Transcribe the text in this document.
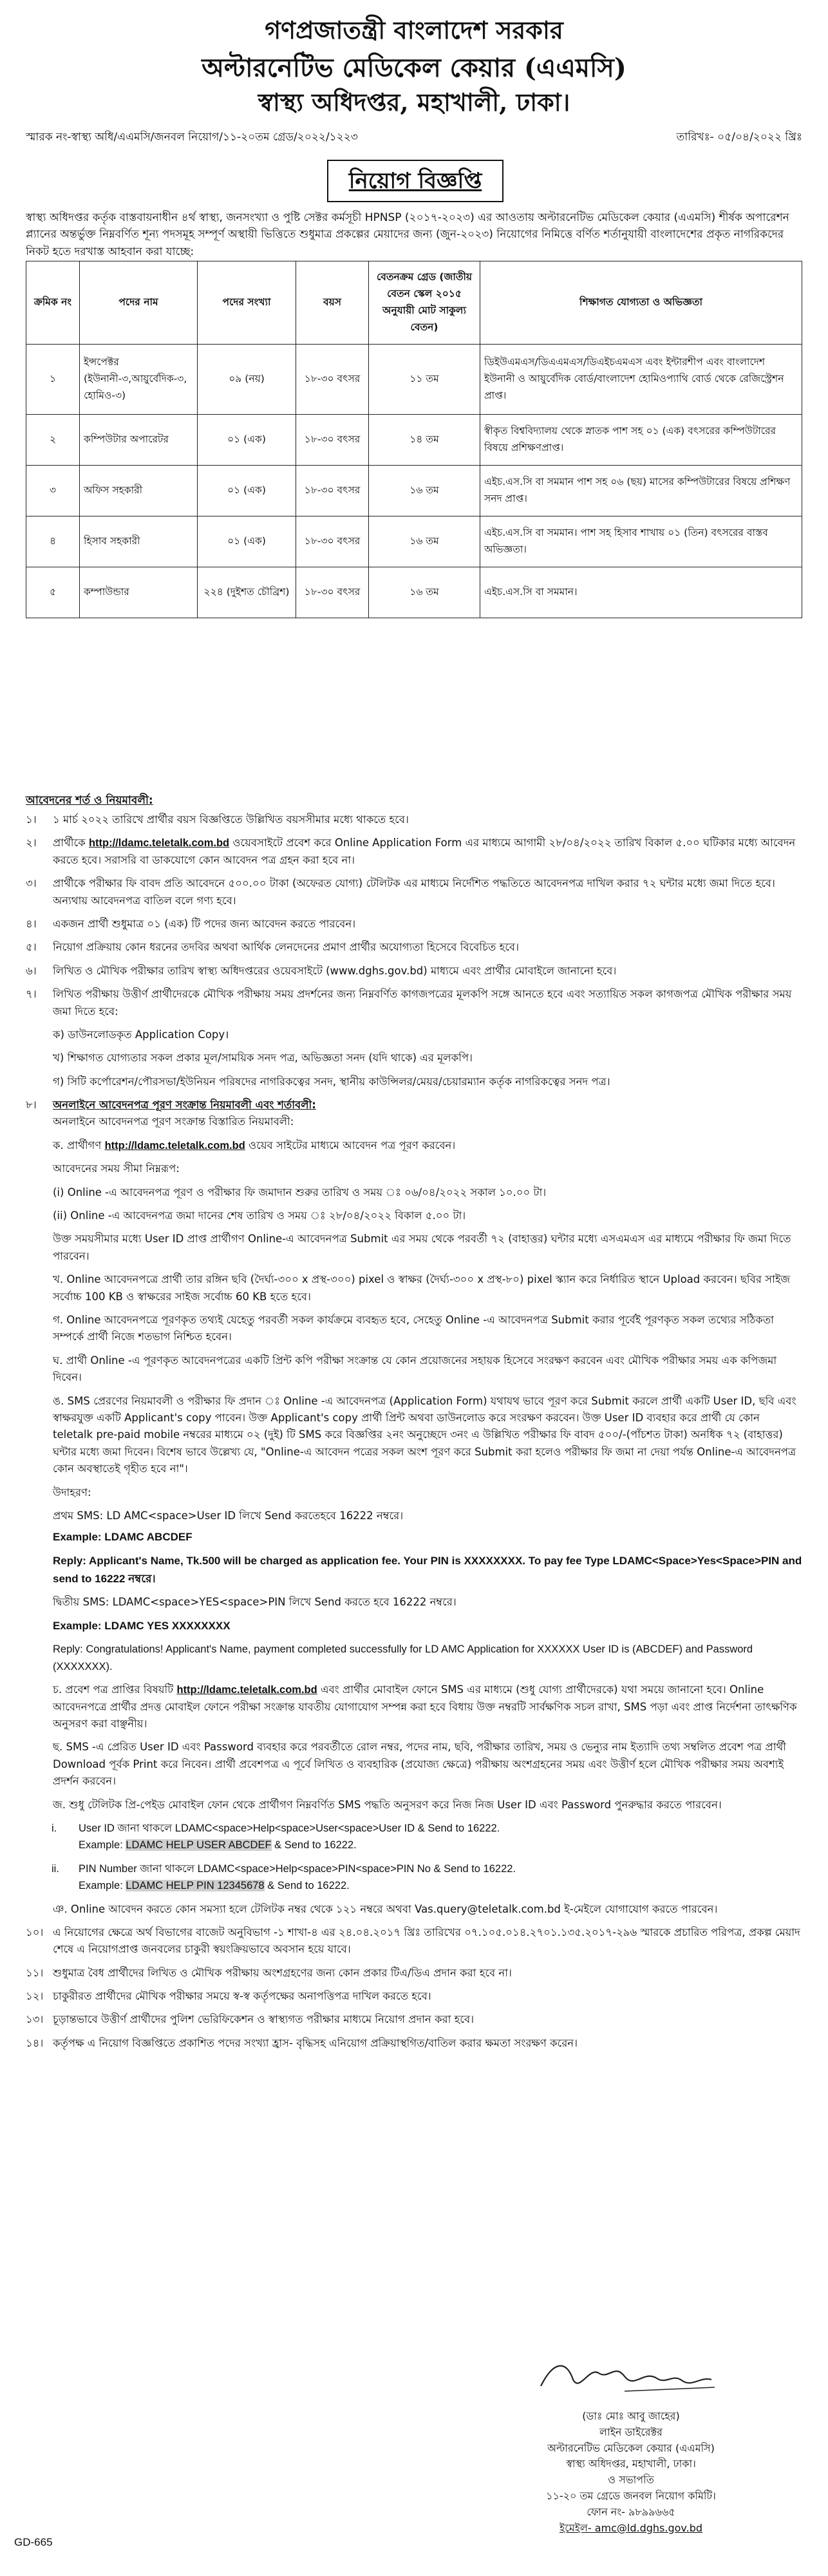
গণপ্রজাতন্ত্রী বাংলাদেশ সরকার
অল্টারনেটিভ মেডিকেল কেয়ার (এএমসি)
স্বাস্থ্য অধিদপ্তর, মহাখালী, ঢাকা।
স্মারক নং-স্বাস্থ্য অধি/এএমসি/জনবল নিয়োগ/১১-২০তম গ্রেড/২০২২/১২২৩	তারিখঃ- ০৫/০৪/২০২২ খ্রিঃ
নিয়োগ বিজ্ঞপ্তি
স্বাস্থ্য অধিদপ্তর কর্তৃক বাস্তবায়নাধীন ৪র্থ স্বাস্থ্য, জনসংখ্যা ও পুষ্টি সেক্টর কর্মসূচী HPNSP (২০১৭-২০২৩) এর আওতায় অল্টারনেটিভ মেডিকেল কেয়ার (এএমসি) শীর্ষক অপারেশন প্ল্যানের অন্তর্ভুক্ত নিম্নবর্ণিত শূন্য পদসমূহ সম্পূর্ণ অস্থায়ী ভিত্তিতে শুধুমাত্র প্রকল্পের মেয়াদের জন্য (জুন-২০২৩) নিয়োগের নিমিত্তে বর্ণিত শর্তানুযায়ী বাংলাদেশের প্রকৃত নাগরিকদের নিকট হতে দরখাস্ত আহবান করা যাচ্ছে:
ক্রমিক নং	পদের নাম	পদের সংখ্যা	বয়স	বেতনক্রম গ্রেড (জাতীয় বেতন স্কেল ২০১৫ অনুযায়ী মোট সাকুল্য বেতন)	শিক্ষাগত যোগ্যতা ও অভিজ্ঞতা
১	ইন্সপেক্টর (ইউনানী-৩,আয়ুর্বেদিক-৩, হোমিও-৩)	০৯ (নয়)	১৮-৩০ বৎসর	১১ তম	ডিইউএমএস/ডিএএমএস/ডিএইচএমএস এবং ইন্টারশীপ এবং বাংলাদেশ ইউনানী ও আয়ুর্বেদিক বোর্ড/বাংলাদেশ হোমিওপ্যাথি বোর্ড থেকে রেজিস্ট্রেশন প্রাপ্ত।
২	কম্পিউটার অপারেটর	০১ (এক)	১৮-৩০ বৎসর	১৪ তম	স্বীকৃত বিশ্ববিদ্যালয় থেকে স্নাতক পাশ সহ ০১ (এক) বৎসরের কম্পিউটারের বিষয়ে প্রশিক্ষণপ্রাপ্ত।
৩	অফিস সহকারী	০১ (এক)	১৮-৩০ বৎসর	১৬ তম	এইচ.এস.সি বা সমমান পাশ সহ ০৬ (ছয়) মাসের কম্পিউটারের বিষয়ে প্রশিক্ষণ সনদ প্রাপ্ত।
৪	হিসাব সহকারী	০১ (এক)	১৮-৩০ বৎসর	১৬ তম	এইচ.এস.সি বা সমমান। পাশ সহ হিসাব শাখায় ০১ (তিন) বৎসরের বাস্তব অভিজ্ঞতা।
৫	কম্পাউন্ডার	২২৪ (দুইশত চৌব্রিশ)	১৮-৩০ বৎসর	১৬ তম	এইচ.এস.সি বা সমমান।
আবেদনের শর্ত ও নিয়মাবলী:
১।	১ মার্চ ২০২২ তারিখে প্রার্থীর বয়স বিজ্ঞপ্তিতে উল্লিখিত বয়সসীমার মধ্যে থাকতে হবে।
২।	প্রার্থীকে http://ldamc.teletalk.com.bd ওয়েবসাইটে প্রবেশ করে Online Application Form এর মাধ্যমে আগামী ২৮/০৪/২০২২ তারিখ বিকাল ৫.০০ ঘটিকার মধ্যে আবেদন করতে হবে। সরাসরি বা ডাকযোগে কোন আবেদন পত্র গ্রহন করা হবে না।
৩।	প্রার্থীকে পরীক্ষার ফি বাবদ প্রতি আবেদনে ৫০০.০০ টাকা (অফেরত যোগ্য) টেলিটক এর মাধ্যমে নির্দেশিত পদ্ধতিতে আবেদনপত্র দাখিল করার ৭২ ঘন্টার মধ্যে জমা দিতে হবে। অন্যথায় আবেদনপত্র বাতিল বলে গণ্য হবে।
৪।	একজন প্রার্থী শুধুমাত্র ০১ (এক) টি পদের জন্য আবেদন করতে পারবেন।
৫।	নিয়োগ প্রক্রিয়ায় কোন ধরনের তদবির অথবা আর্থিক লেনদেনের প্রমাণ প্রার্থীর অযোগ্যতা হিসেবে বিবেচিত হবে।
৬।	লিখিত ও মৌখিক পরীক্ষার তারিখ স্বাস্থ্য অধিদপ্তরের ওয়েবসাইটে (www.dghs.gov.bd) মাধ্যমে এবং প্রার্থীর মোবাইলে জানানো হবে।
৭।	লিখিত পরীক্ষায় উত্তীর্ণ প্রার্থীদেরকে মৌখিক পরীক্ষায় সময় প্রদর্শনের জন্য নিম্নবর্ণিত কাগজপত্রের মূলকপি সঙ্গে আনতে হবে এবং সত্যায়িত সকল কাগজপত্র মৌখিক পরীক্ষার সময় জমা দিতে হবে:
ক) ডাউনলোডকৃত Application Copy।
খ) শিক্ষাগত যোগ্যতার সকল প্রকার মূল/সাময়িক সনদ পত্র, অভিজ্ঞতা সনদ (যদি থাকে) এর মূলকপি।
গ) সিটি কর্পোরেশন/পৌরসভা/ইউনিয়ন পরিষদের নাগরিকত্বের সনদ, স্থানীয় কাউন্সিলর/মেয়র/চেয়ারম্যান কর্তৃক নাগরিকত্বের সনদ পত্র।
৮।	অনলাইনে আবেদনপত্র পূরণ সংক্রান্ত নিয়মাবলী এবং শর্তাবলী:
অনলাইনে আবেদনপত্র পূরণ সংক্রান্ত বিস্তারিত নিয়মাবলী:
ক. প্রার্থীগণ http://ldamc.teletalk.com.bd ওয়েব সাইটের মাধ্যমে আবেদন পত্র পূরণ করবেন।
আবেদনের সময় সীমা নিম্নরূপ:
(i) Online -এ আবেদনপত্র পূরণ ও পরীক্ষার ফি জমাদান শুরুর তারিখ ও সময় ঃ ০৬/০৪/২০২২ সকাল ১০.০০ টা।
(ii) Online -এ আবেদনপত্র জমা দানের শেষ তারিখ ও সময় ঃ ২৮/০৪/২০২২ বিকাল ৫.০০ টা।
উক্ত সময়সীমার মধ্যে User ID প্রাপ্ত প্রার্থীগণ Online-এ আবেদনপত্র Submit এর সময় থেকে পরবর্তী ৭২ (বাহাত্তর) ঘন্টার মধ্যে এসএমএস এর মাধ্যমে পরীক্ষার ফি জমা দিতে পারবেন।
খ. Online আবেদনপত্রে প্রার্থী তার রঙ্গিন ছবি (দৈর্ঘ্য-৩০০ x প্রস্থ-৩০০) pixel ও স্বাক্ষর (দৈর্ঘ্য-৩০০ x প্রস্থ-৮০) pixel স্ক্যান করে নির্ধারিত স্থানে Upload করবেন। ছবির সাইজ সর্বোচ্চ 100 KB ও স্বাক্ষরের সাইজ সর্বোচ্চ 60 KB হতে হবে।
গ. Online আবেদনপত্রে পূরণকৃত তথ্যই যেহেতু পরবর্তী সকল কার্যক্রমে ব্যবহৃত হবে, সেহেতু Online -এ আবেদনপত্র Submit করার পূর্বেই পূরণকৃত সকল তথ্যের সঠিকতা সম্পর্কে প্রার্থী নিজে শতভাগ নিশ্চিত হবেন।
ঘ. প্রার্থী Online -এ পূরণকৃত আবেদনপত্রের একটি প্রিন্ট কপি পরীক্ষা সংক্রান্ত যে কোন প্রয়োজনের সহায়ক হিসেবে সংরক্ষণ করবেন এবং মৌখিক পরীক্ষার সময় এক কপিজমা দিবেন।
ঙ. SMS প্রেরণের নিয়মাবলী ও পরীক্ষার ফি প্রদান ঃ Online -এ আবেদনপত্র (Application Form) যথাযথ ভাবে পূরণ করে Submit করলে প্রার্থী একটি User ID, ছবি এবং স্বাক্ষরযুক্ত একটি Applicant's copy পাবেন। উক্ত Applicant's copy প্রার্থী প্রিন্ট অথবা ডাউনলোড করে সংরক্ষণ করবেন। উক্ত User ID ব্যবহার করে প্রার্থী যে কোন teletalk pre-paid mobile নম্বরের মাধ্যমে ০২ (দুই) টি SMS করে বিজ্ঞপ্তির ২নং অনুচ্ছেদে ৩নং এ উল্লিখিত পরীক্ষার ফি বাবদ ৫০০/-(পাঁচশত টাকা) অনধিক ৭২ (বাহাত্তর) ঘন্টার মধ্যে জমা দিবেন। বিশেষ ভাবে উল্লেখ্য যে, "Online-এ আবেদন পত্রের সকল অংশ পূরণ করে Submit করা হলেও পরীক্ষার ফি জমা না দেয়া পর্যন্ত Online-এ আবেদনপত্র কোন অবস্থাতেই গৃহীত হবে না"।
উদাহরণ:
প্রথম SMS: LD AMC<space>User ID লিখে Send করতেহবে 16222 নম্বরে।
Example: LDAMC ABCDEF
Reply: Applicant's Name, Tk.500 will be charged as application fee. Your PIN is XXXXXXXX. To pay fee Type LDAMC<Space>Yes<Space>PIN and send to 16222 নম্বরে।
দ্বিতীয় SMS: LDAMC<space>YES<space>PIN লিখে Send করতে হবে 16222 নম্বরে।
Example: LDAMC YES XXXXXXXX
Reply: Congratulations! Applicant's Name, payment completed successfully for LD AMC Application for XXXXXX User ID is (ABCDEF) and Password (XXXXXXX).
চ. প্রবেশ পত্র প্রাপ্তির বিষয়টি http://ldamc.teletalk.com.bd এবং প্রার্থীর মোবাইল ফোনে SMS এর মাধ্যমে (শুধু যোগ্য প্রার্থীদেরকে) যথা সময়ে জানানো হবে। Online আবেদনপত্রে প্রার্থীর প্রদত্ত মোবাইল ফোনে পরীক্ষা সংক্রান্ত যাবতীয় যোগাযোগ সম্পন্ন করা হবে বিধায় উক্ত নম্বরটি সার্বক্ষণিক সচল রাখা, SMS পড়া এবং প্রাপ্ত নির্দেশনা তাৎক্ষণিক অনুসরণ করা বাঞ্ছনীয়।
ছ. SMS -এ প্রেরিত User ID এবং Password ব্যবহার করে পরবর্তীতে রোল নম্বর, পদের নাম, ছবি, পরীক্ষার তারিখ, সময় ও ভেন্যুর নাম ইত্যাদি তথ্য সম্বলিত প্রবেশ পত্র প্রার্থী Download পূর্বক Print করে নিবেন। প্রার্থী প্রবেশপত্র এ পূর্বে লিখিত ও ব্যবহারিক (প্রযোজ্য ক্ষেত্রে) পরীক্ষায় অংশগ্রহনের সময় এবং উত্তীর্ণ হলে মৌখিক পরীক্ষার সময় অবশ্যই প্রদর্শন করবেন।
জ. শুধু টেলিটক প্রি-পেইড মোবাইল ফোন থেকে প্রার্থীগণ নিম্নবর্ণিত SMS পদ্ধতি অনুসরণ করে নিজ নিজ User ID এবং Password পুনরুদ্ধার করতে পারবেন।
i.	User ID জানা থাকলে LDAMC<space>Help<space>User<space>User ID & Send to 16222.
Example: LDAMC HELP USER ABCDEF & Send to 16222.
ii.	PIN Number জানা থাকলে LDAMC<space>Help<space>PIN<space>PIN No & Send to 16222.
Example: LDAMC HELP PIN 12345678 & Send to 16222.
ঞ. Online আবেদন করতে কোন সমস্যা হলে টেলিটক নম্বর থেকে ১২১ নম্বরে অথবা Vas.query@teletalk.com.bd ই-মেইলে যোগাযোগ করতে পারবেন।
১০। এ নিয়োগের ক্ষেত্রে অর্থ বিভাগের বাজেট অনুবিভাগ -১ শাখা-৪ এর ২৪.০৪.২০১৭ খ্রিঃ তারিখের ০৭.১০৫.০১৪.২৭০১.১৩৫.২০১৭-২৯৬ স্মারকে প্রচারিত পরিপত্র, প্রকল্প মেয়াদ শেষে এ নিয়োগপ্রাপ্ত জনবলের চাকুরী স্বয়ংক্রিয়ভাবে অবসান হয়ে যাবে।
১১। শুধুমাত্র বৈধ প্রার্থীদের লিখিত ও মৌখিক পরীক্ষায় অংশগ্রহণের জন্য কোন প্রকার টিএ/ডিএ প্রদান করা হবে না।
১২। চাকুরীরত প্রার্থীদের মৌখিক পরীক্ষার সময়ে স্ব-স্ব কর্তৃপক্ষের অনাপত্তিপত্র দাখিল করতে হবে।
১৩। চূড়ান্তভাবে উত্তীর্ণ প্রার্থীদের পুলিশ ভেরিফিকেশন ও স্বাস্থ্যগত পরীক্ষার মাধ্যমে নিয়োগ প্রদান করা হবে।
১৪। কর্তৃপক্ষ এ নিয়োগ বিজ্ঞপ্তিতে প্রকাশিত পদের সংখ্যা হ্রাস- বৃদ্ধিসহ এনিয়োগ প্রক্রিয়াস্থগিত/বাতিল করার ক্ষমতা সংরক্ষণ করেন।
(ডাঃ মোঃ আবু জাহের)
লাইন ডাইরেক্টর
অল্টারনেটিভ মেডিকেল কেয়ার (এএমসি)
স্বাস্থ্য অধিদপ্তর, মহাখালী, ঢাকা।
ও সভাপতি
১১-২০ তম গ্রেডে জনবল নিয়োগ কমিটি।
ফোন নং- ৯৮৯৯৬৬৫
ইমেইল- amc@ld.dghs.gov.bd
GD-665
